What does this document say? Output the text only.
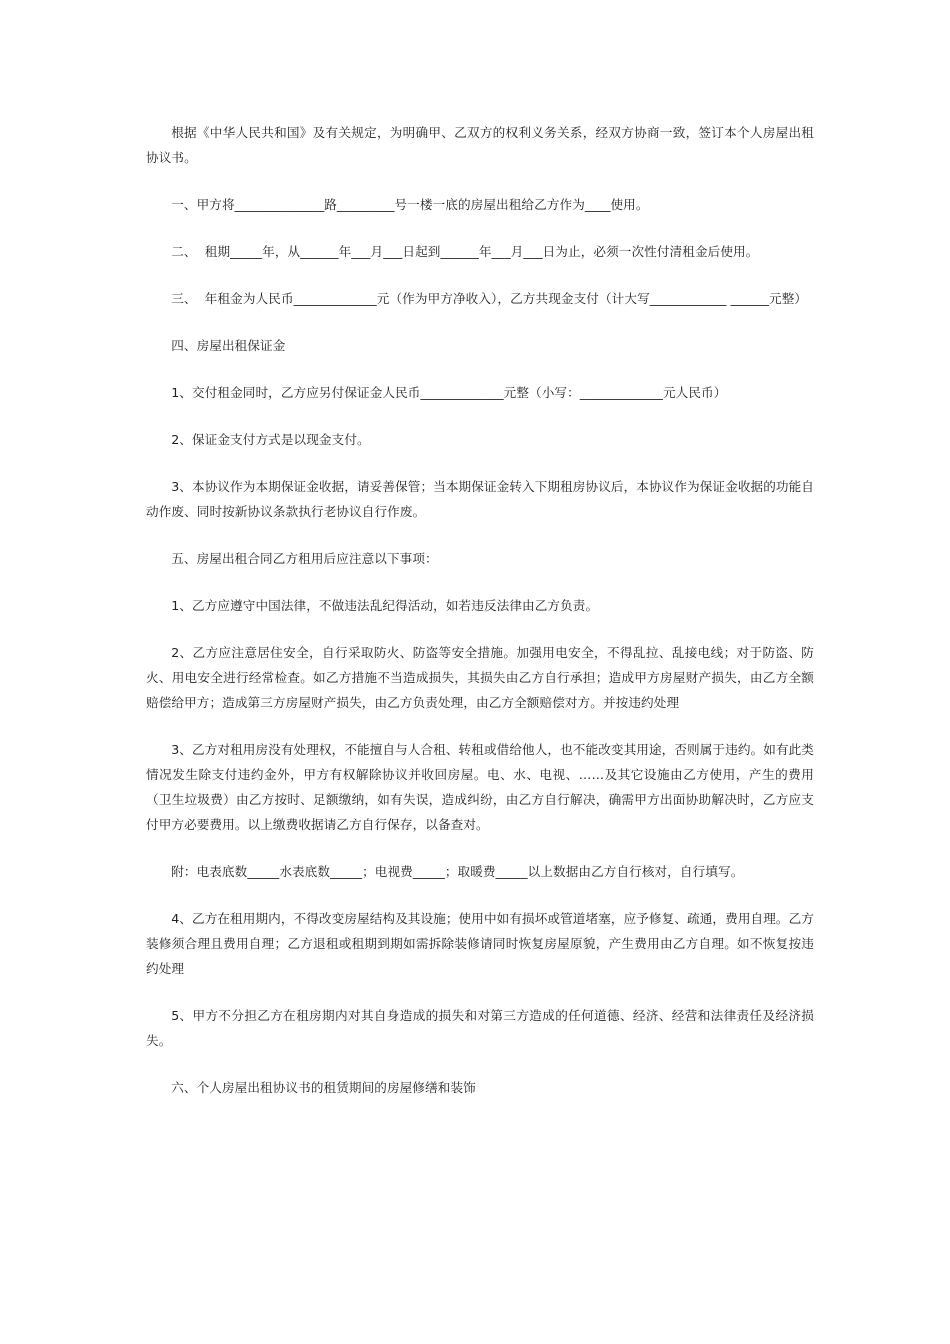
根据《中华人民共和国》及有关规定，为明确甲、乙双方的权利义务关系，经双方协商一致，签订本个人房屋出租协议书。

一、甲方将______________路_________号一楼一底的房屋出租给乙方作为____使用。

二、  租期_____年，从______年___月___日起到______年___月___日为止，必须一次性付清租金后使用。

三、  年租金为人民币_____________元（作为甲方净收入），乙方共现金支付（计大写____________ ______元整）

四、房屋出租保证金

1、交付租金同时，乙方应另付保证金人民币_____________元整（小写：_____________元人民币）

2、保证金支付方式是以现金支付。

3、本协议作为本期保证金收据，请妥善保管；当本期保证金转入下期租房协议后，本协议作为保证金收据的功能自动作废、同时按新协议条款执行老协议自行作废。

五、房屋出租合同乙方租用后应注意以下事项：

1、乙方应遵守中国法律，不做违法乱纪得活动，如若违反法律由乙方负责。

2、乙方应注意居住安全，自行采取防火、防盗等安全措施。加强用电安全，不得乱拉、乱接电线；对于防盗、防火、用电安全进行经常检查。如乙方措施不当造成损失，其损失由乙方自行承担；造成甲方房屋财产损失，由乙方全额赔偿给甲方；造成第三方房屋财产损失，由乙方负责处理，由乙方全额赔偿对方。并按违约处理

3、乙方对租用房没有处理权，不能擅自与人合租、转租或借给他人，也不能改变其用途，否则属于违约。如有此类情况发生除支付违约金外，甲方有权解除协议并收回房屋。电、水、电视、……及其它设施由乙方使用，产生的费用（卫生垃圾费）由乙方按时、足额缴纳，如有失误，造成纠纷，由乙方自行解决，确需甲方出面协助解决时，乙方应支付甲方必要费用。以上缴费收据请乙方自行保存，以备查对。

附：电表底数_____水表底数_____；电视费_____；取暖费_____以上数据由乙方自行核对，自行填写。

4、乙方在租用期内，不得改变房屋结构及其设施；使用中如有损坏或管道堵塞，应予修复、疏通，费用自理。乙方装修须合理且费用自理；乙方退租或租期到期如需拆除装修请同时恢复房屋原貌，产生费用由乙方自理。如不恢复按违约处理

5、甲方不分担乙方在租房期内对其自身造成的损失和对第三方造成的任何道德、经济、经营和法律责任及经济损失。

六、个人房屋出租协议书的租赁期间的房屋修缮和装饰
